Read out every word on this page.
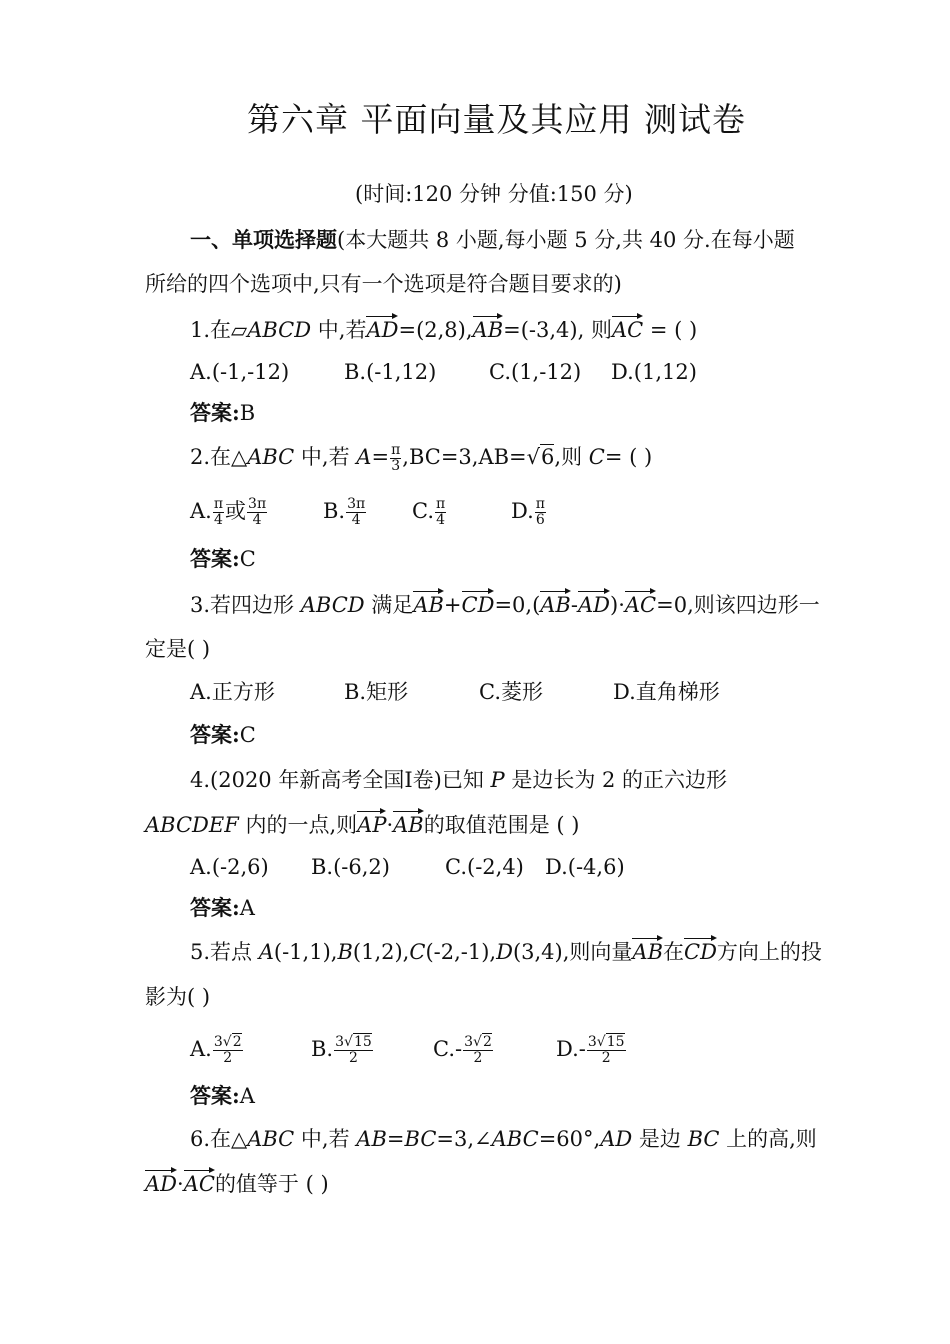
第六章 平面向量及其应用 测试卷
(时间:120 分钟 分值:150 分)
一、单项选择题(本大题共 8 小题,每小题 5 分,共 40 分.在每小题
所给的四个选项中,只有一个选项是符合题目要求的)
1.在▱ABCD 中,若AD=(2,8),AB=(-3,4), 则AC = ( )
A.(-1,-12)	B.(-1,12)	C.(1,-12) D.(1,12)
答案:B
2.在△ABC 中,若 $A= \frac{\pi}{3} ,BC=3,AB=√6$,则 C= ( )
A. $\frac{\pi}{4}$ 或 $\frac{3\pi}{4}$	B. $\frac{3\pi}{4} C$. $\frac{\pi}{4}$	D. $\frac{\pi}{6}$
答案:C
3.若四边形 ABCD 满足AB+CD=0,(AB-AD)·AC=0,则该四边形一
定是( )
A.正方形	B.矩形	C.菱形	D.直角梯形
答案:C
4.(2020 年新高考全国Ⅰ卷)已知 P 是边长为 2 的正六边形
ABCDEF 内的一点,则AP·AB的取值范围是 ( )
A.(-2,6) B.(-6,2)	C.(-2,4) D.(-4,6)
答案:A
5.若点 A(-1,1),B(1,2),C(-2,-1),D(3,4),则向量AB在CD方向上的投
影为( )
A. $\frac{3√2}{2}$	B. $\frac{3√15}{2}$	$C.- \frac{3√2}{2}$	$D.- \frac{3√15}{2}$
答案:A
6.在△ABC 中,若 AB=BC=3,∠ABC=60°,AD 是边 BC 上的高,则
AD·AC的值等于 ( )
